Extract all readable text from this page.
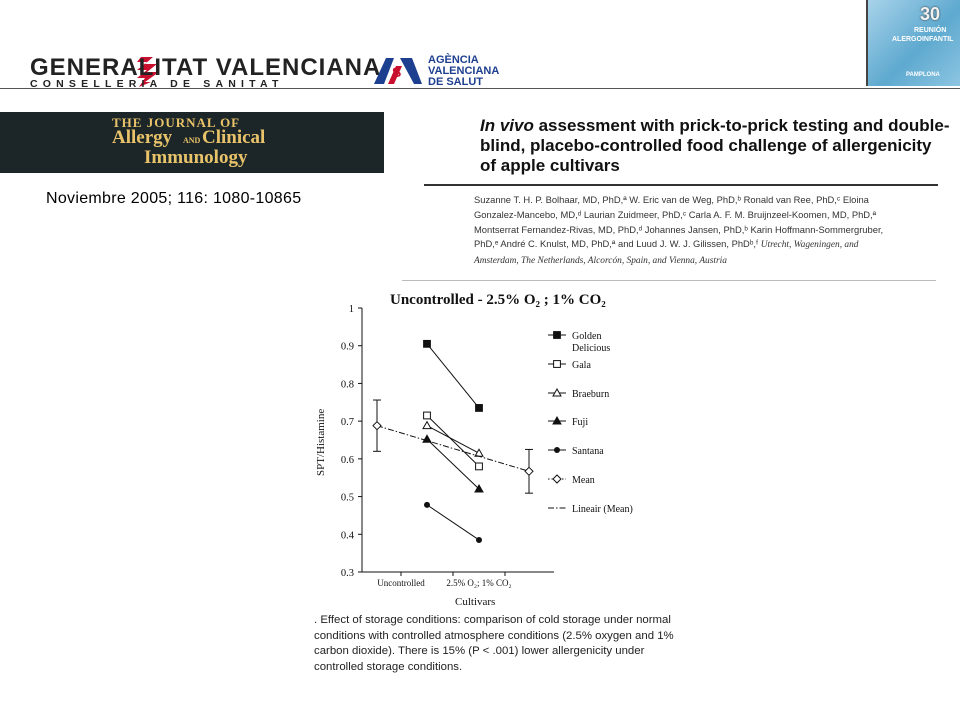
GENERALITAT VALENCIANA
CONSELLERIA DE SANITAT
S
AGÈNCIA
VALENCIANA
DE SALUT
30
REUNIÓN
ALERGOINFANTIL
PAMPLONA
THE JOURNAL OF
Allergy AND Clinical
Immunology
Noviembre 2005; 116: 1080-10865
In vivo assessment with prick-to-prick testing and double-blind, placebo-controlled food challenge of allergenicity of apple cultivars
Suzanne T. H. P. Bolhaar, MD, PhD,ª W. Eric van de Weg, PhD,ᵇ Ronald van Ree, PhD,ᶜ Eloina Gonzalez-Mancebo, MD,ᵈ Laurian Zuidmeer, PhD,ᶜ Carla A. F. M. Bruijnzeel-Koomen, MD, PhD,ª Montserrat Fernandez-Rivas, MD, PhD,ᵈ Johannes Jansen, PhD,ᵇ Karin Hoffmann-Sommergruber, PhD,ᵉ André C. Knulst, MD, PhD,ª and Luud J. W. J. Gilissen, PhDᵇ,ᶠ Utrecht, Wageningen, and Amsterdam, The Netherlands, Alcorcón, Spain, and Vienna, Austria
Uncontrolled - 2.5% O₂ ; 1% CO₂
0.3
0.4
0.5
0.6
0.7
0.8
0.9
1
Uncontrolled 2.5% O₂; 1% CO₂
SPT/Histamine
Cultivars
Golden Delicious
Gala
Braeburn
Fuji
Santana
Mean
Lineair (Mean)
. Effect of storage conditions: comparison of cold storage under normal conditions with controlled atmosphere conditions (2.5% oxygen and 1% carbon dioxide). There is 15% (P < .001) lower allergenicity under controlled storage conditions.
